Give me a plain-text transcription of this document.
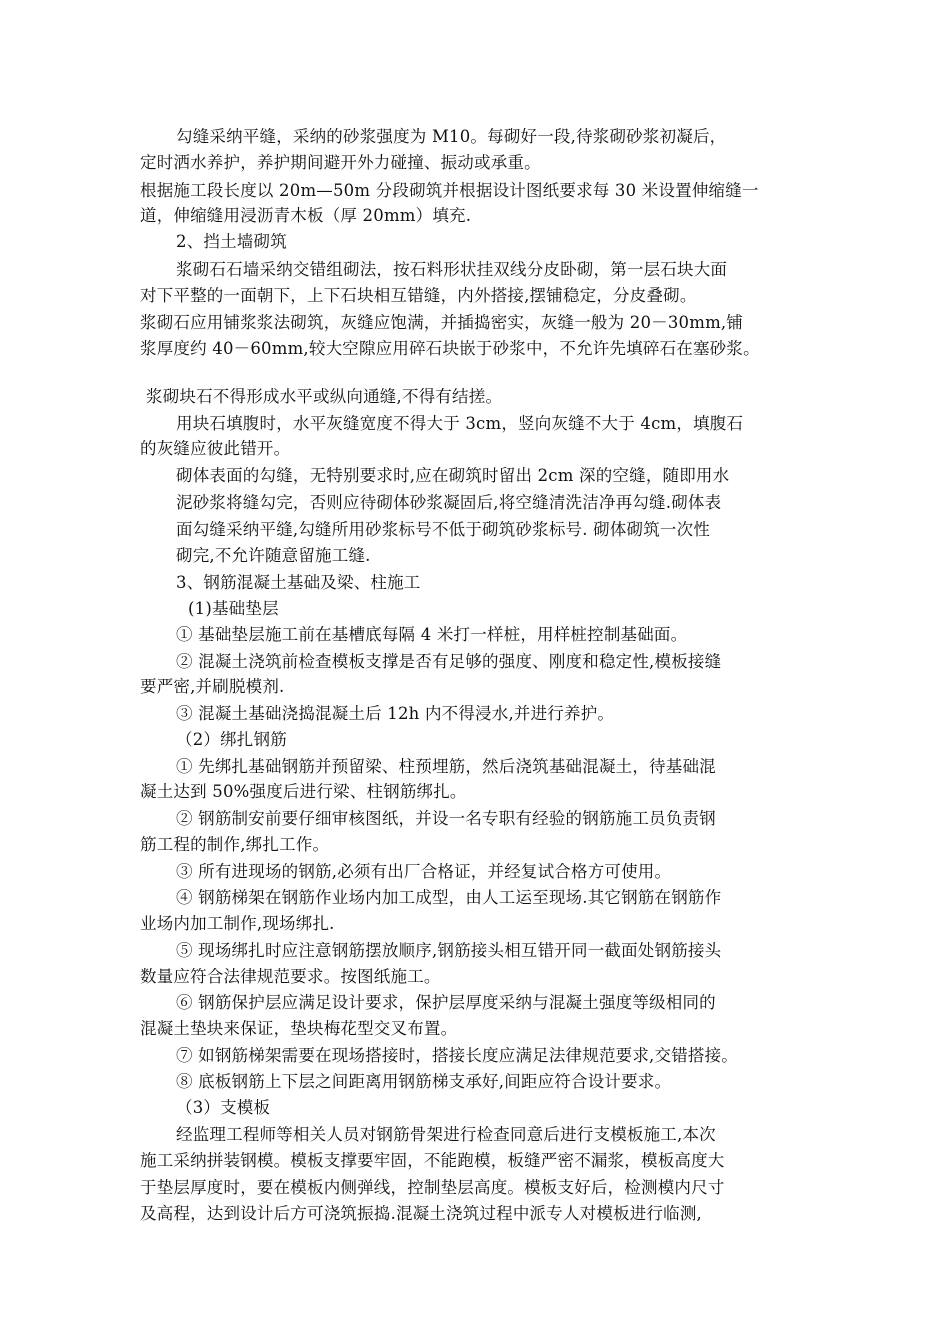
勾缝采纳平缝，采纳的砂浆强度为 M10。每砌好一段,待浆砌砂浆初凝后，
定时洒水养护，养护期间避开外力碰撞、振动或承重。
根据施工段长度以 20m—50m 分段砌筑并根据设计图纸要求每 30 米设置伸缩缝一
道，伸缩缝用浸沥青木板（厚 20mm）填充.
2、挡土墙砌筑
浆砌石石墙采纳交错组砌法，按石料形状挂双线分皮卧砌，第一层石块大面
对下平整的一面朝下，上下石块相互错缝，内外搭接,摆铺稳定，分皮叠砌。
浆砌石应用铺浆浆法砌筑，灰缝应饱满，并插捣密实，灰缝一般为 20－30mm,铺
浆厚度约 40－60mm,较大空隙应用碎石块嵌于砂浆中，不允许先填碎石在塞砂浆。
浆砌块石不得形成水平或纵向通缝,不得有结搓。
用块石填腹时，水平灰缝宽度不得大于 3cm，竖向灰缝不大于 4cm，填腹石
的灰缝应彼此错开。
砌体表面的勾缝，无特别要求时,应在砌筑时留出 2cm 深的空缝，随即用水
泥砂浆将缝勾完，否则应待砌体砂浆凝固后,将空缝清洗洁净再勾缝.砌体表
面勾缝采纳平缝,勾缝所用砂浆标号不低于砌筑砂浆标号. 砌体砌筑一次性
砌完,不允许随意留施工缝.
3、钢筋混凝土基础及梁、柱施工
(1)基础垫层
① 基础垫层施工前在基槽底每隔 4 米打一样桩，用样桩控制基础面。
② 混凝土浇筑前检查模板支撑是否有足够的强度、刚度和稳定性,模板接缝
要严密,并刷脱模剂.
③ 混凝土基础浇捣混凝土后 12h 内不得浸水,并进行养护。
（2）绑扎钢筋
① 先绑扎基础钢筋并预留梁、柱预埋筋，然后浇筑基础混凝土，待基础混
凝土达到 50%强度后进行梁、柱钢筋绑扎。
② 钢筋制安前要仔细审核图纸，并设一名专职有经验的钢筋施工员负责钢
筋工程的制作,绑扎工作。
③ 所有进现场的钢筋,必须有出厂合格证，并经复试合格方可使用。
④ 钢筋梯架在钢筋作业场内加工成型，由人工运至现场.其它钢筋在钢筋作
业场内加工制作,现场绑扎.
⑤ 现场绑扎时应注意钢筋摆放顺序,钢筋接头相互错开同一截面处钢筋接头
数量应符合法律规范要求。按图纸施工。
⑥ 钢筋保护层应满足设计要求，保护层厚度采纳与混凝土强度等级相同的
混凝土垫块来保证，垫块梅花型交叉布置。
⑦ 如钢筋梯架需要在现场搭接时，搭接长度应满足法律规范要求,交错搭接。
⑧ 底板钢筋上下层之间距离用钢筋梯支承好,间距应符合设计要求。
（3）支模板
经监理工程师等相关人员对钢筋骨架进行检查同意后进行支模板施工,本次
施工采纳拼装钢模。模板支撑要牢固，不能跑模，板缝严密不漏浆，模板高度大
于垫层厚度时，要在模板内侧弹线，控制垫层高度。模板支好后，检测模内尺寸
及高程，达到设计后方可浇筑振捣.混凝土浇筑过程中派专人对模板进行临测,
